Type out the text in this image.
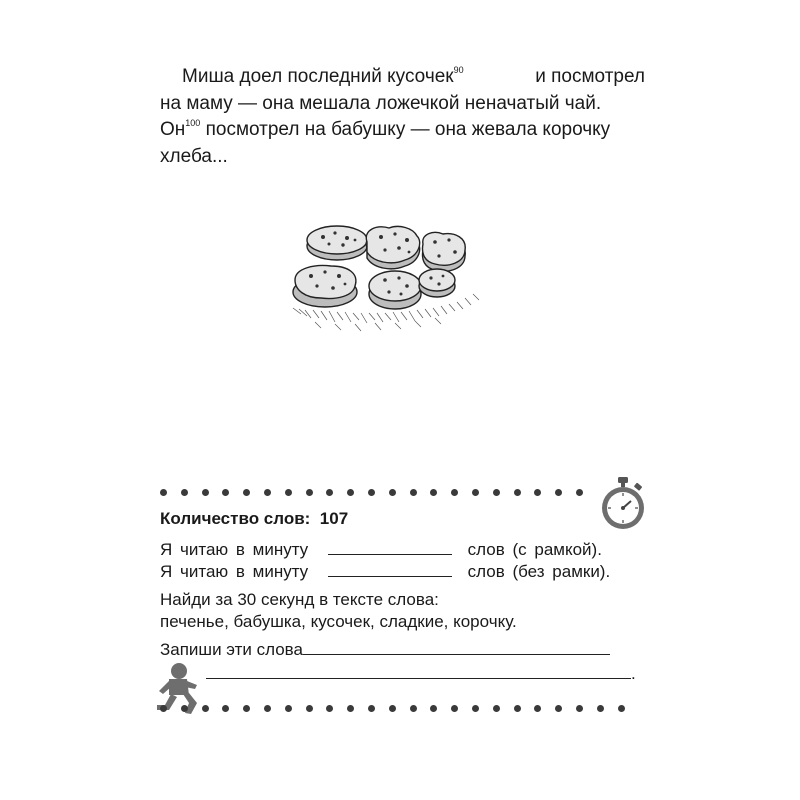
Миша доел последний кусочек$^{90}$	и посмотрел
на маму — она мешала ложечкой неначатый чай.
$Он^{100}$ посмотрел на бабушку — она жевала корочку
хлеба...
Количество слов: 107
Я читаю в минуту	слов (с рамкой).
Я читаю в минуту	слов (без рамки).
Найди за 30 секунд в тексте слова:
печенье, бабушка, кусочек, сладкие, корочку.
Запиши эти слова
.
